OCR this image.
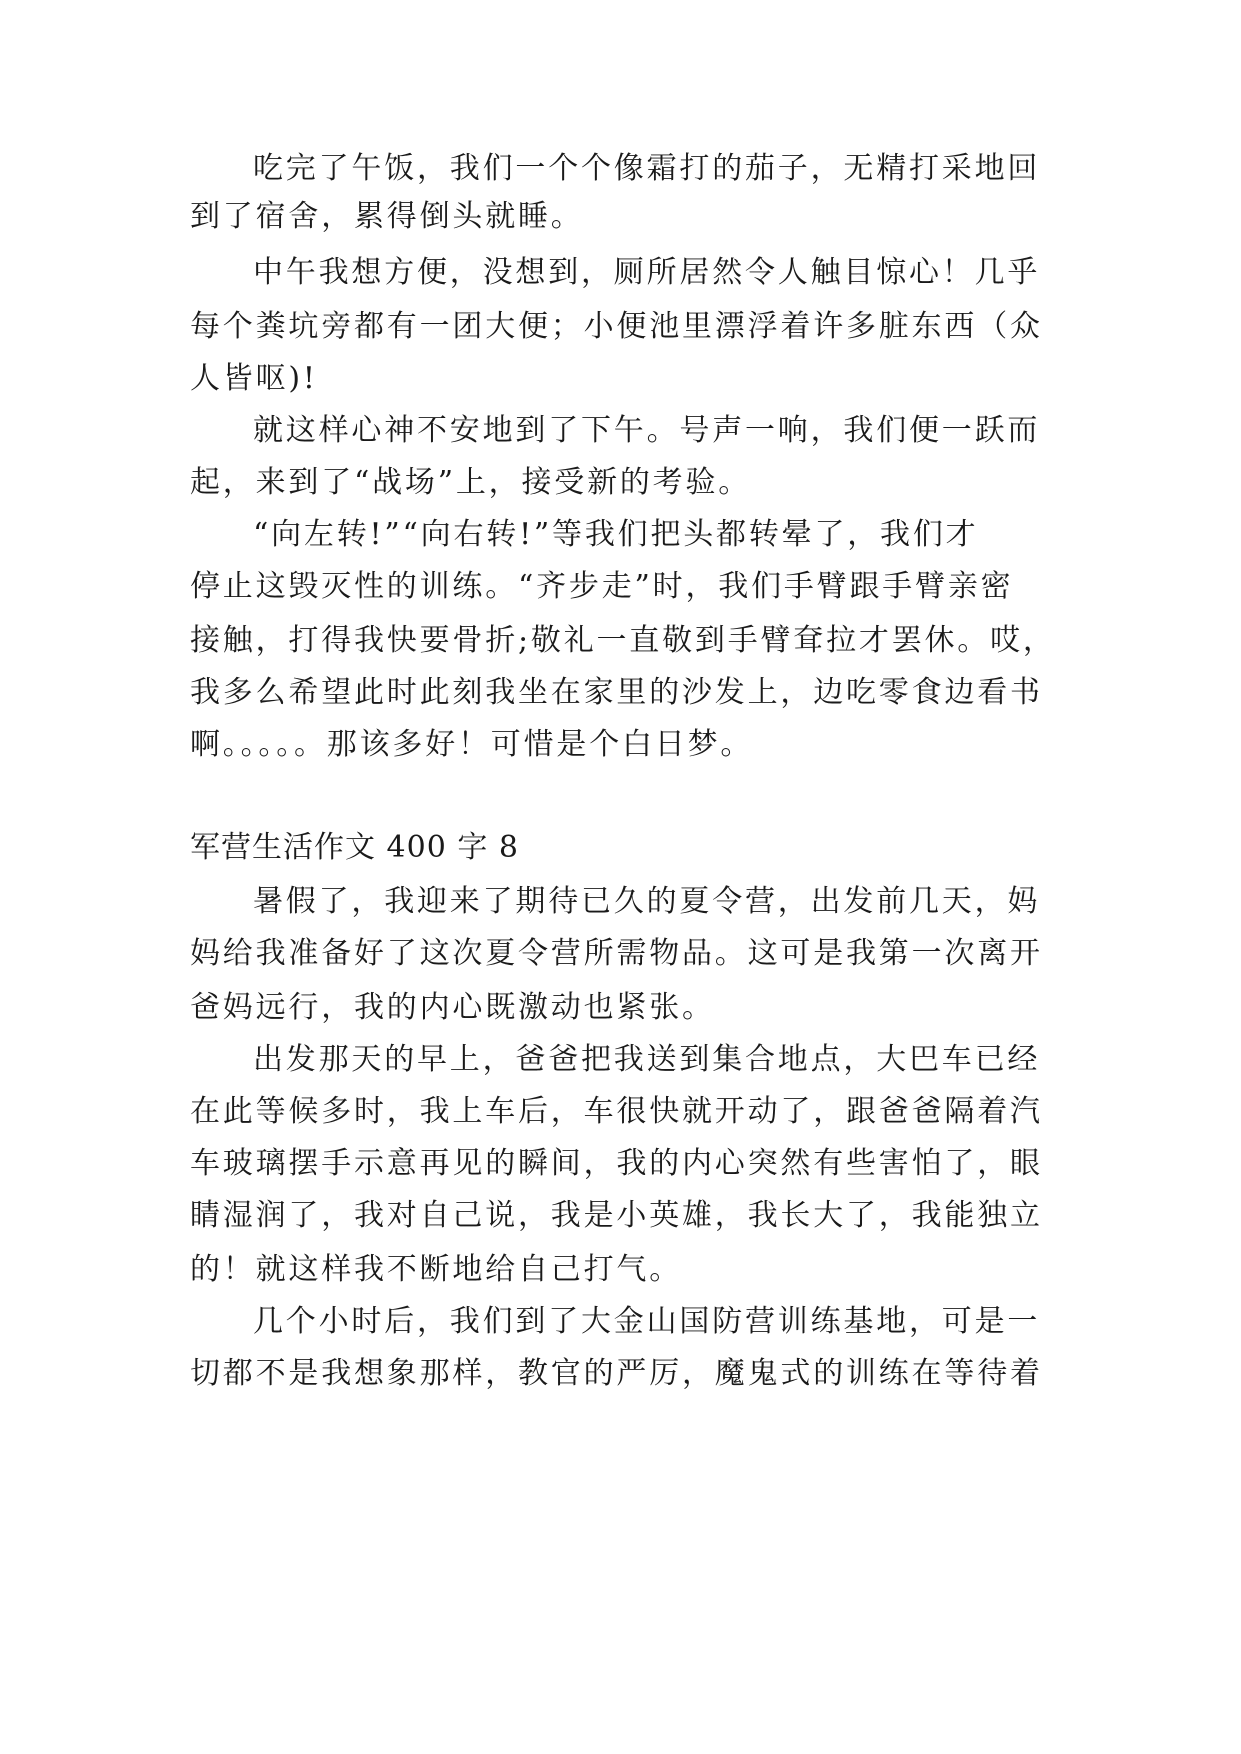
吃完了午饭，我们一个个像霜打的茄子，无精打采地回
到了宿舍，累得倒头就睡。
中午我想方便，没想到，厕所居然令人触目惊心！几乎
每个粪坑旁都有一团大便；小便池里漂浮着许多脏东西（众
人皆呕)!
就这样心神不安地到了下午。号声一响，我们便一跃而
起，来到了“战场”上，接受新的考验。
“向左转!”“向右转!”等我们把头都转晕了，我们才
停止这毁灭性的训练。“齐步走”时，我们手臂跟手臂亲密
接触，打得我快要骨折;敬礼一直敬到手臂耷拉才罢休。哎，
我多么希望此时此刻我坐在家里的沙发上，边吃零食边看书
啊。。。。。那该多好！可惜是个白日梦。
军营生活作文 400 字 8
暑假了，我迎来了期待已久的夏令营，出发前几天，妈
妈给我准备好了这次夏令营所需物品。这可是我第一次离开
爸妈远行，我的内心既激动也紧张。
出发那天的早上，爸爸把我送到集合地点，大巴车已经
在此等候多时，我上车后，车很快就开动了，跟爸爸隔着汽
车玻璃摆手示意再见的瞬间，我的内心突然有些害怕了，眼
睛湿润了，我对自己说，我是小英雄，我长大了，我能独立
的！就这样我不断地给自己打气。
几个小时后，我们到了大金山国防营训练基地，可是一
切都不是我想象那样，教官的严厉，魔鬼式的训练在等待着
